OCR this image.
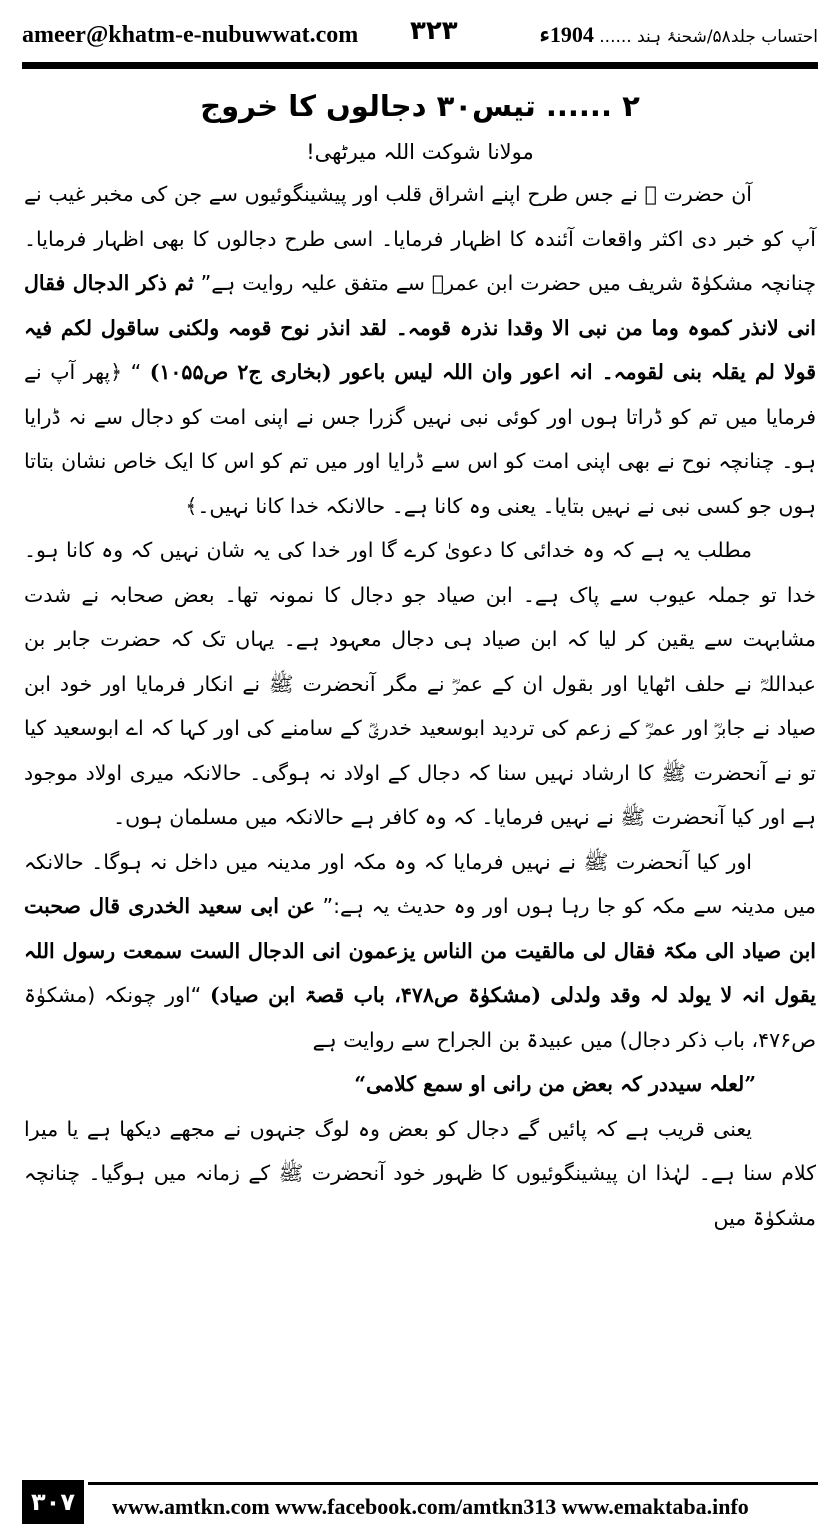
ameer@khatm-e-nubuwwat.com ۳۲۳	احتساب جلد۵۸/شحنۂ ہند ...... 1904ء

۲ ...... تیس۳۰ دجالوں کا خروج

مولانا شوکت اللہ میرٹھی!

آن حضرت ﷺ نے جس طرح اپنے اشراق قلب اور پیشینگوئیوں سے جن کی مخبر غیب نے آپ کو خبر دی اکثر واقعات آئندہ کا اظہار فرمایا۔ اسی طرح دجالوں کا بھی اظہار فرمایا۔ چنانچہ مشکوٰۃ شریف میں حضرت ابن عمرؓ سے متفق علیہ روایت ہے” ثم ذکر الدجال فقال انی لانذر کموہ وما من نبی الا وقدا نذرہ قومہ۔ لقد انذر نوح قومہ ولکنی ساقول لکم فیہ قولا لم یقلہ بنی لقومہ۔ انہ اعور وان اللہ لیس باعور (بخاری ج۲ ص۱۰۵۵) “ ﴿پھر آپ نے فرمایا میں تم کو ڈراتا ہوں اور کوئی نبی نہیں گزرا جس نے اپنی امت کو دجال سے نہ ڈرایا ہو۔ چنانچہ نوح نے بھی اپنی امت کو اس سے ڈرایا اور میں تم کو اس کا ایک خاص نشان بتاتا ہوں جو کسی نبی نے نہیں بتایا۔ یعنی وہ کانا ہے۔ حالانکہ خدا کانا نہیں۔﴾

مطلب یہ ہے کہ وہ خدائی کا دعویٰ کرے گا اور خدا کی یہ شان نہیں کہ وہ کانا ہو۔ خدا تو جملہ عیوب سے پاک ہے۔ ابن صیاد جو دجال کا نمونہ تھا۔ بعض صحابہ نے شدت مشابہت سے یقین کر لیا کہ ابن صیاد ہی دجال معہود ہے۔ یہاں تک کہ حضرت جابر بن عبداللہؓ نے حلف اٹھایا اور بقول ان کے عمرؓ نے مگر آنحضرت ﷺ نے انکار فرمایا اور خود ابن صیاد نے جابرؓ اور عمرؓ کے زعم کی تردید ابوسعید خدریؓ کے سامنے کی اور کہا کہ اے ابوسعید کیا تو نے آنحضرت ﷺ کا ارشاد نہیں سنا کہ دجال کے اولاد نہ ہوگی۔ حالانکہ میری اولاد موجود ہے اور کیا آنحضرت ﷺ نے نہیں فرمایا۔ کہ وہ کافر ہے حالانکہ میں مسلمان ہوں۔

اور کیا آنحضرت ﷺ نے نہیں فرمایا کہ وہ مکہ اور مدینہ میں داخل نہ ہوگا۔ حالانکہ میں مدینہ سے مکہ کو جا رہا ہوں اور وہ حدیث یہ ہے:” عن ابی سعید الخدری قال صحبت ابن صیاد الی مکۃ فقال لی مالقیت من الناس یزعمون انی الدجال الست سمعت رسول اللہ یقول انہ لا یولد لہ وقد ولدلی (مشکوٰۃ ص۴۷۸، باب قصۃ ابن صیاد) “اور چونکہ (مشکوٰۃ ص۴۷۶، باب ذکر دجال) میں عبیدۃ بن الجراح سے روایت ہے

”لعلہ سیددر کہ بعض من رانی او سمع کلامی“

یعنی قریب ہے کہ پائیں گے دجال کو بعض وہ لوگ جنہوں نے مجھے دیکھا ہے یا میرا کلام سنا ہے۔ لہٰذا ان پیشینگوئیوں کا ظہور خود آنحضرت ﷺ کے زمانہ میں ہوگیا۔ چنانچہ مشکوٰۃ میں

۳۰۷	www.amtkn.com www.facebook.com/amtkn313 www.emaktaba.info
